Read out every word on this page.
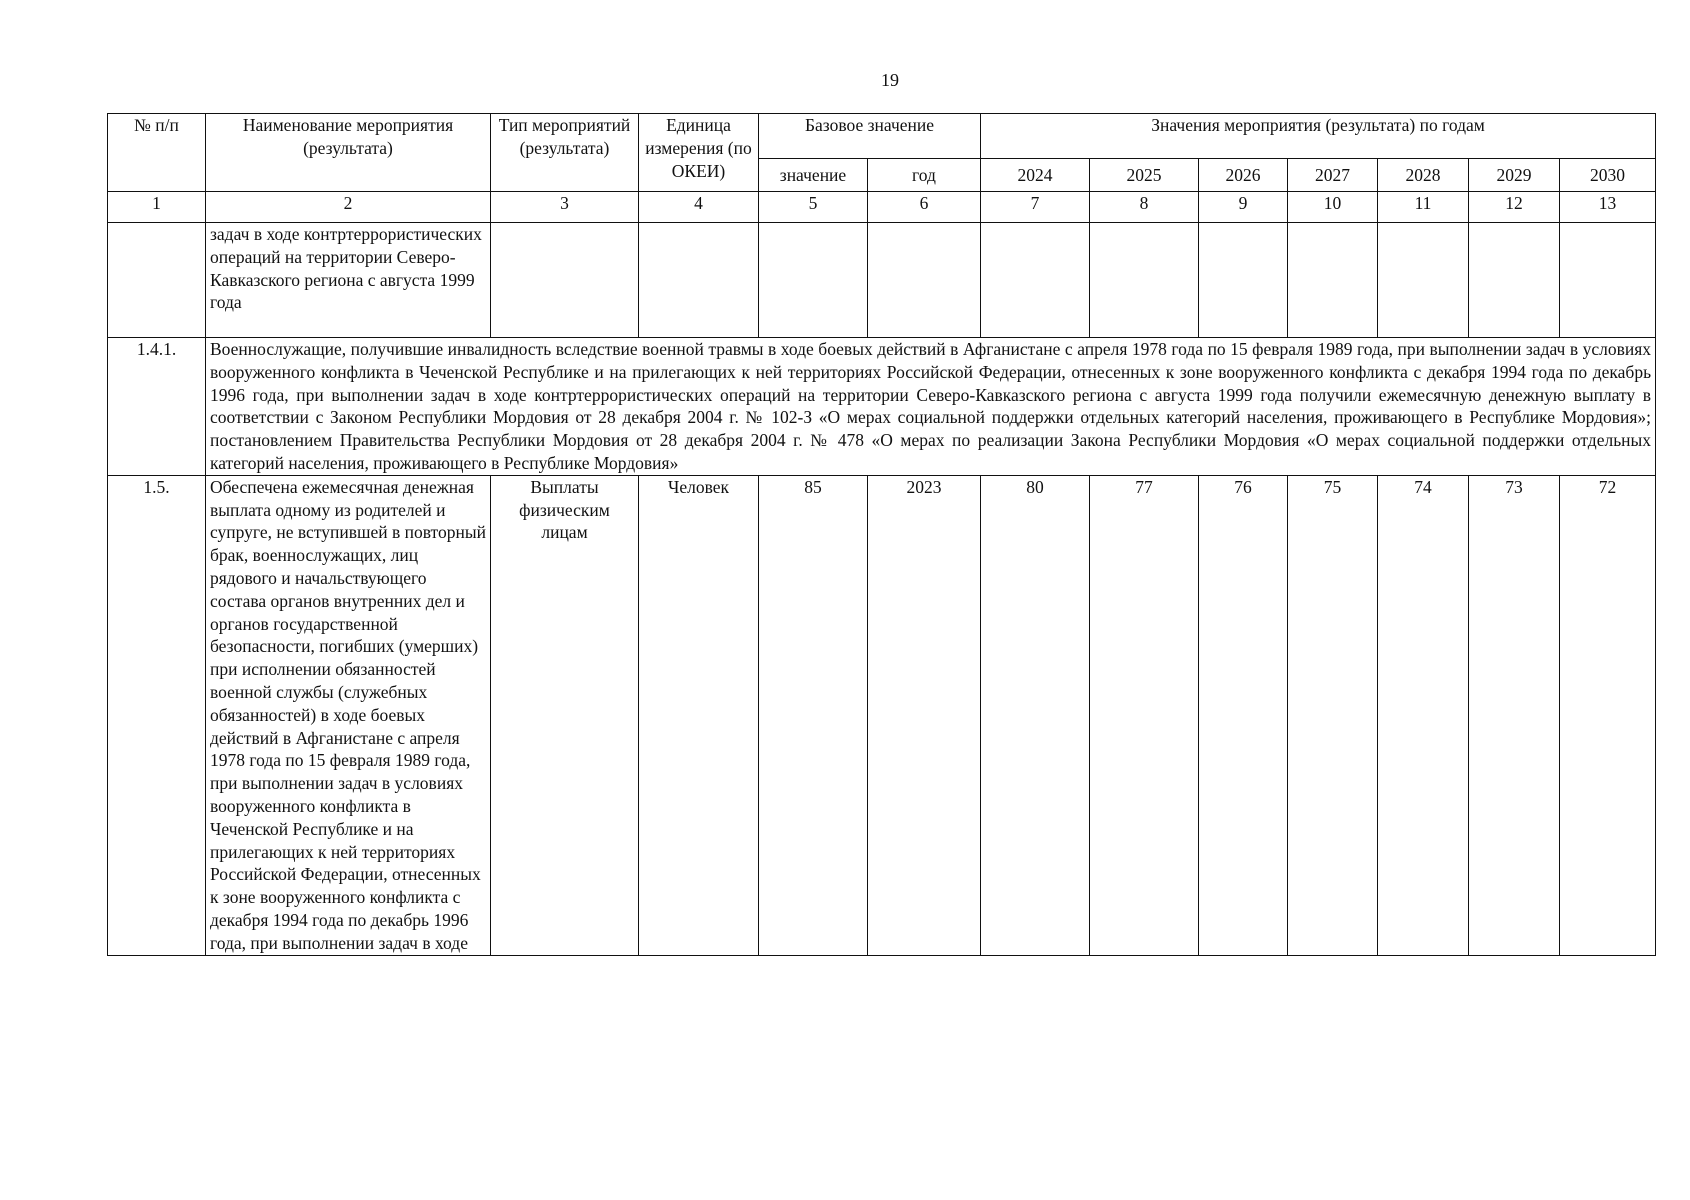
19
№ п/п	Наименование мероприятия (результата)	Тип мероприятий (результата)	Единица измерения (по ОКЕИ)	Базовое значение		Значения мероприятия (результата) по годам						
				значение	год	2024	2025	2026	2027	2028	2029	2030
1	2	3	4	5	6	7	8	9	10	11	12	13
	задач в ходе контртеррористических операций на территории Северо-Кавказского региона с августа 1999 года											
1.4.1.	Военнослужащие, получившие инвалидность вследствие военной травмы в ходе боевых действий в Афганистане с апреля 1978 года по 15 февраля 1989 года, при выполнении задач в условиях вооруженного конфликта в Чеченской Республике и на прилегающих к ней территориях Российской Федерации, отнесенных к зоне вооруженного конфликта с декабря 1994 года по декабрь 1996 года, при выполнении задач в ходе контртеррористических операций на территории Северо-Кавказского региона с августа 1999 года получили ежемесячную денежную выплату в соответствии с Законом Республики Мордовия от 28 декабря 2004 г. № 102-З «О мерах социальной поддержки отдельных категорий населения, проживающего в Республике Мордовия»; постановлением Правительства Республики Мордовия от 28 декабря 2004 г. № 478 «О мерах по реализации Закона Республики Мордовия «О мерах социальной поддержки отдельных категорий населения, проживающего в Республике Мордовия»											
1.5.	Обеспечена ежемесячная денежная выплата одному из родителей и супруге, не вступившей в повторный брак, военнослужащих, лиц рядового и начальствующего состава органов внутренних дел и органов государственной безопасности, погибших (умерших) при исполнении обязанностей военной службы (служебных обязанностей) в ходе боевых действий в Афганистане с апреля 1978 года по 15 февраля 1989 года, при выполнении задач в условиях вооруженного конфликта в Чеченской Республике и на прилегающих к ней территориях Российской Федерации, отнесенных к зоне вооруженного конфликта с декабря 1994 года по декабрь 1996 года, при выполнении задач в ходе	Выплаты физическим лицам	Человек	85	2023	80	77	76	75	74	73	72
